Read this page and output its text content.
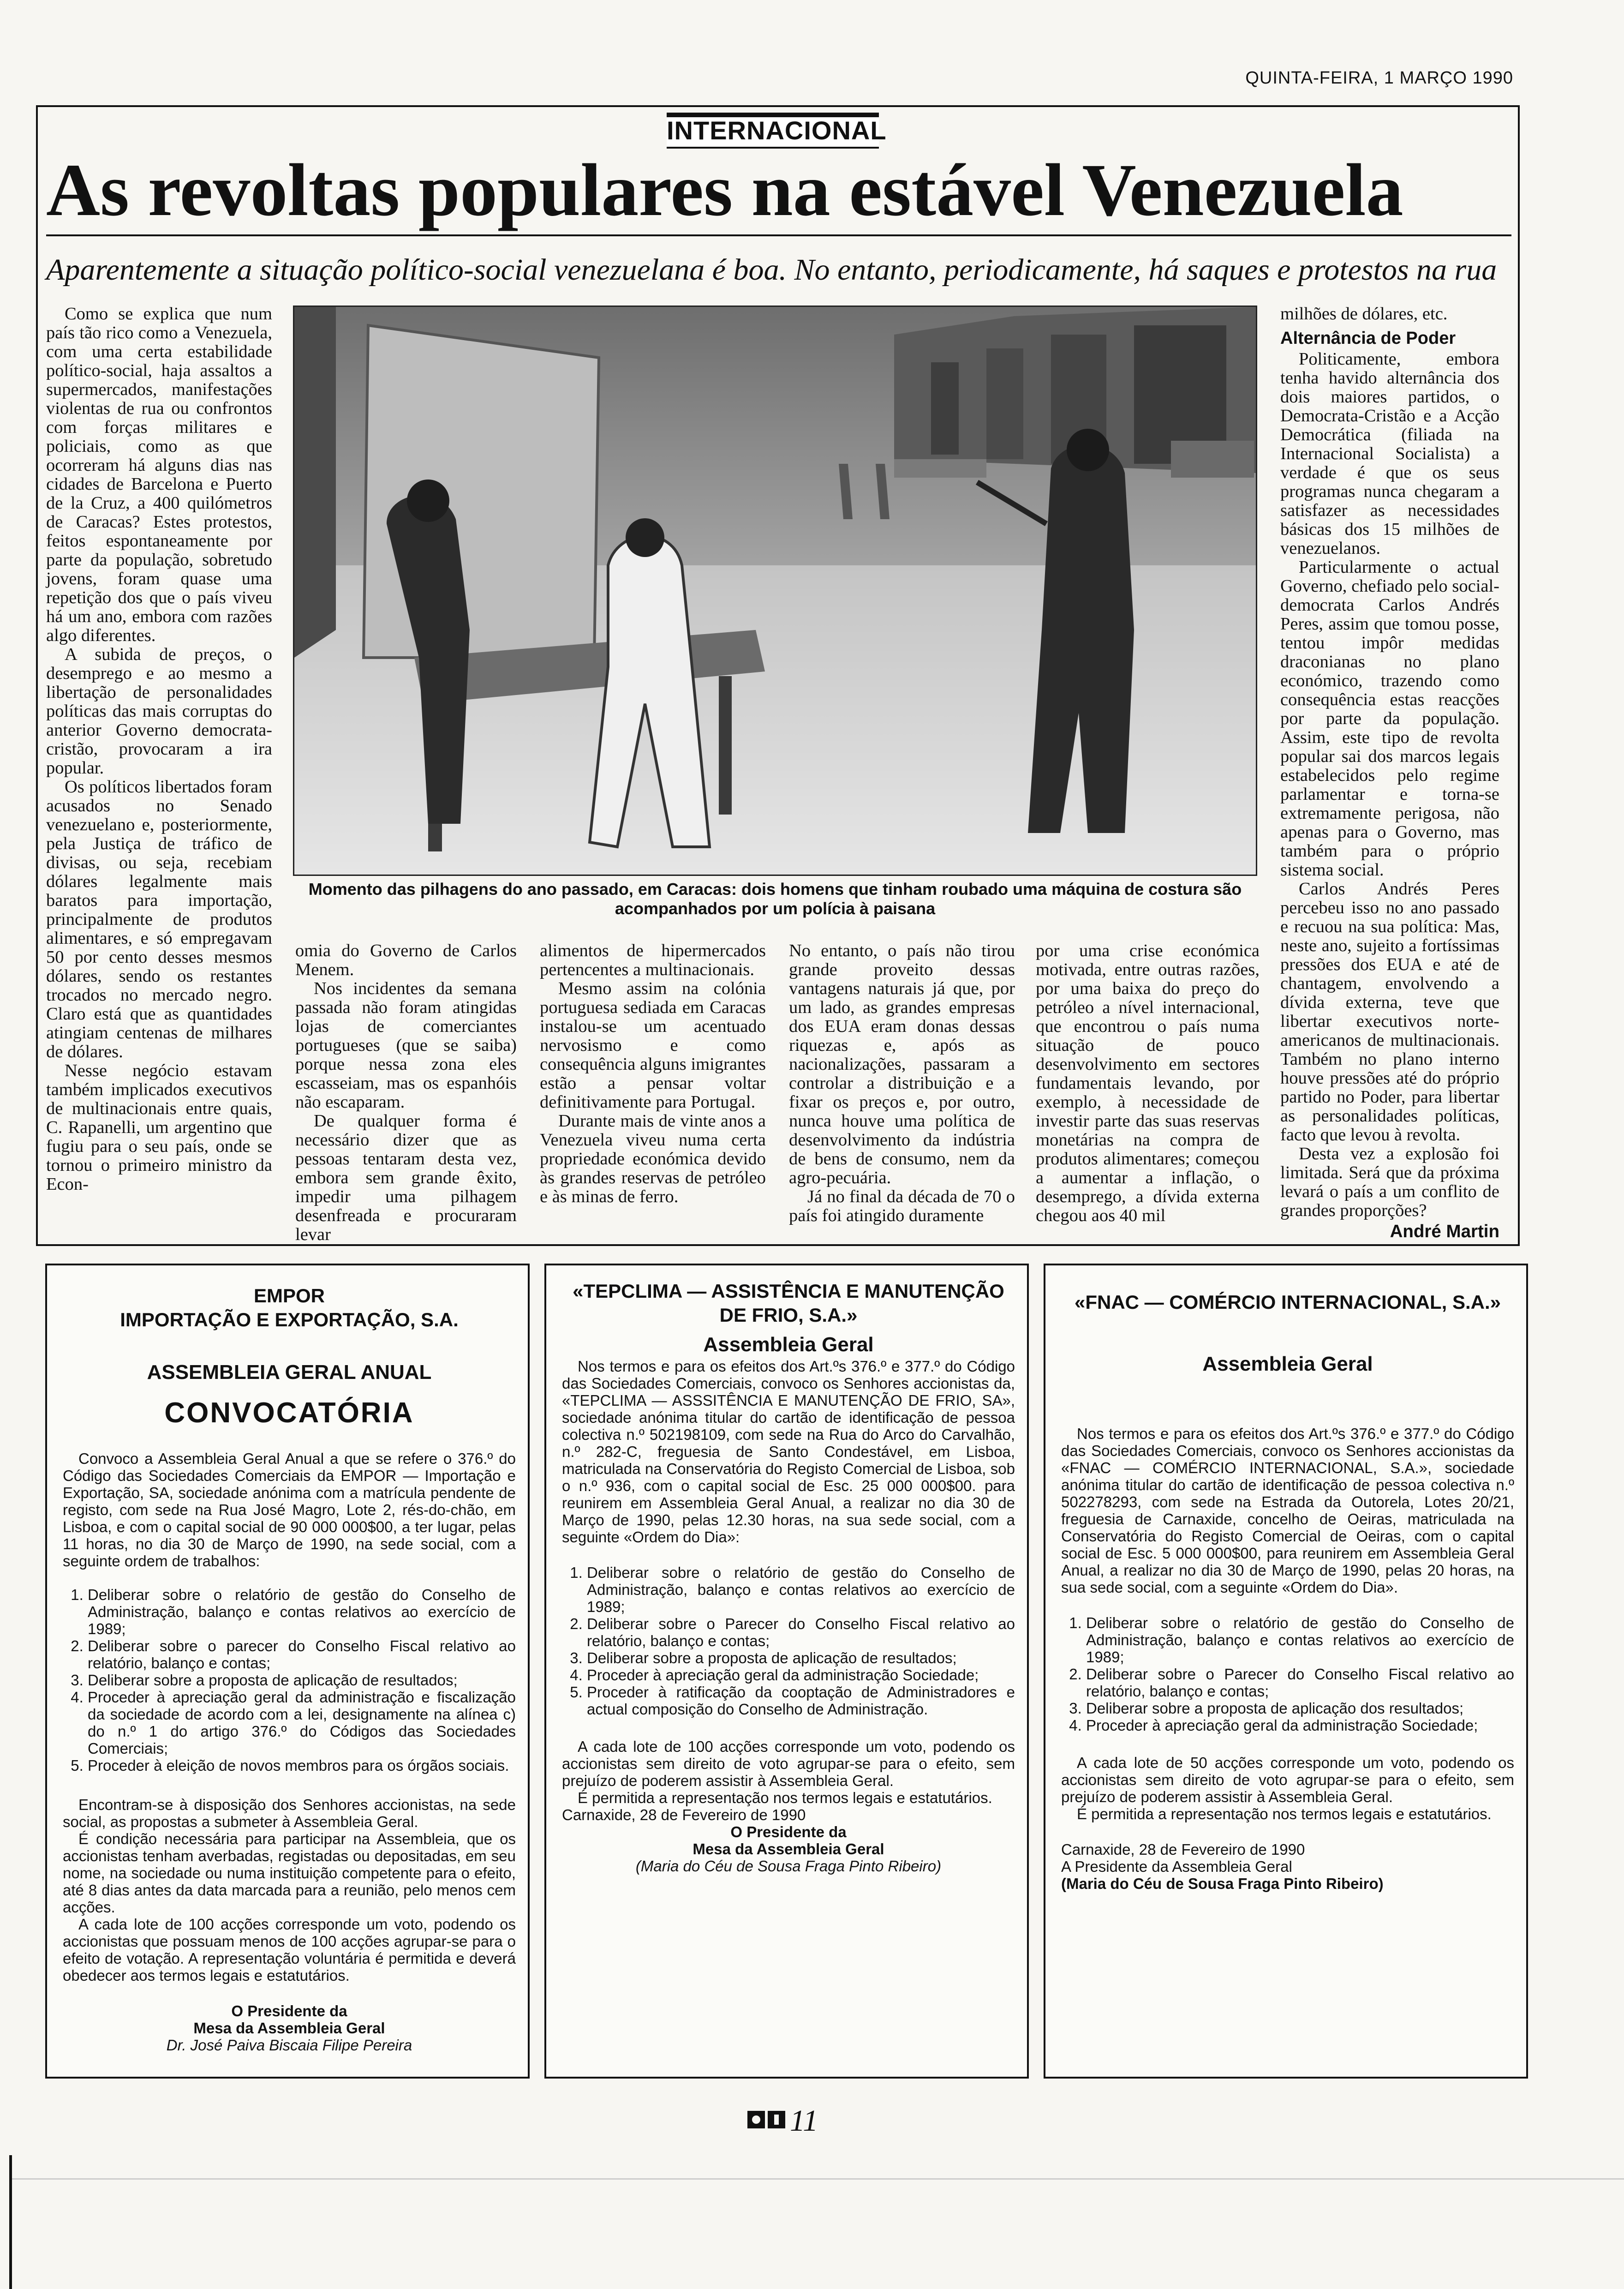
QUINTA-FEIRA, 1 MARÇO 1990
INTERNACIONAL
As revoltas populares na estável Venezuela
Aparentemente a situação político-social venezuelana é boa. No entanto, periodicamente, há saques e protestos na rua

Como se explica que num país tão rico como a Venezuela, com uma certa estabilidade político-social, haja assaltos a supermercados, manifestações violentas de rua ou confrontos com forças militares e policiais, como as que ocorreram há alguns dias nas cidades de Barcelona e Puerto de la Cruz, a 400 quilómetros de Caracas? Estes protestos, feitos espontaneamente por parte da população, sobretudo jovens, foram quase uma repetição dos que o país viveu há um ano, embora com razões algo diferentes.

A subida de preços, o desemprego e ao mesmo a libertação de personalidades políticas das mais corruptas do anterior Governo democrata-cristão, provocaram a ira popular.

Os políticos libertados foram acusados no Senado venezuelano e, posteriormente, pela Justiça de tráfico de divisas, ou seja, recebiam dólares legalmente mais baratos para importação, principalmente de produtos alimentares, e só empregavam 50 por cento desses mesmos dólares, sendo os restantes trocados no mercado negro. Claro está que as quantidades atingiam centenas de milhares de dólares.

Nesse negócio estavam também implicados executivos de multinacionais entre quais, C. Rapanelli, um argentino que fugiu para o seu país, onde se tornou o primeiro ministro da Econ-

Momento das pilhagens do ano passado, em Caracas: dois homens que tinham roubado uma máquina de costura são acompanhados por um polícia à paisana

omia do Governo de Carlos Menem.

Nos incidentes da semana passada não foram atingidas lojas de comerciantes portugueses (que se saiba) porque nessa zona eles escasseiam, mas os espanhóis não escaparam.

De qualquer forma é necessário dizer que as pessoas tentaram desta vez, embora sem grande êxito, impedir uma pilhagem desenfreada e procuraram levar

alimentos de hipermercados pertencentes a multinacionais.

Mesmo assim na colónia portuguesa sediada em Caracas instalou-se um acentuado nervosismo e como consequência alguns imigrantes estão a pensar voltar definitivamente para Portugal.

Durante mais de vinte anos a Venezuela viveu numa certa propriedade económica devido às grandes reservas de petróleo e às minas de ferro.

No entanto, o país não tirou grande proveito dessas vantagens naturais já que, por um lado, as grandes empresas dos EUA eram donas dessas riquezas e, após as nacionalizações, passaram a controlar a distribuição e a fixar os preços e, por outro, nunca houve uma política de desenvolvimento da indústria de bens de consumo, nem da agro-pecuária.

Já no final da década de 70 o país foi atingido duramente

por uma crise económica motivada, entre outras razões, por uma baixa do preço do petróleo a nível internacional, que encontrou o país numa situação de pouco desenvolvimento em sectores fundamentais levando, por exemplo, à necessidade de investir parte das suas reservas monetárias na compra de produtos alimentares; começou a aumentar a inflação, o desemprego, a dívida externa chegou aos 40 mil

milhões de dólares, etc.

Alternância de Poder

Politicamente, embora tenha havido alternância dos dois maiores partidos, o Democrata-Cristão e a Acção Democrática (filiada na Internacional Socialista) a verdade é que os seus programas nunca chegaram a satisfazer as necessidades básicas dos 15 milhões de venezuelanos.

Particularmente o actual Governo, chefiado pelo social-democrata Carlos Andrés Peres, assim que tomou posse, tentou impôr medidas draconianas no plano económico, trazendo como consequência estas reacções por parte da população. Assim, este tipo de revolta popular sai dos marcos legais estabelecidos pelo regime parlamentar e torna-se extremamente perigosa, não apenas para o Governo, mas também para o próprio sistema social.

Carlos Andrés Peres percebeu isso no ano passado e recuou na sua política: Mas, neste ano, sujeito a fortíssimas pressões dos EUA e até de chantagem, envolvendo a dívida externa, teve que libertar executivos norte-americanos de multinacionais. Também no plano interno houve pressões até do próprio partido no Poder, para libertar as personalidades políticas, facto que levou à revolta.

Desta vez a explosão foi limitada. Será que da próxima levará o país a um conflito de grandes proporções?

André Martin

EMPOR
IMPORTAÇÃO E EXPORTAÇÃO, S.A.
ASSEMBLEIA GERAL ANUAL
CONVOCATÓRIA

Convoco a Assembleia Geral Anual a que se refere o 376.º do Código das Sociedades Comerciais da EMPOR — Importação e Exportação, SA, sociedade anónima com a matrícula pendente de registo, com sede na Rua José Magro, Lote 2, rés-do-chão, em Lisboa, e com o capital social de 90 000 000$00, a ter lugar, pelas 11 horas, no dia 30 de Março de 1990, na sede social, com a seguinte ordem de trabalhos:

1. Deliberar sobre o relatório de gestão do Conselho de Administração, balanço e contas relativos ao exercício de 1989;
2. Deliberar sobre o parecer do Conselho Fiscal relativo ao relatório, balanço e contas;
3. Deliberar sobre a proposta de aplicação de resultados;
4. Proceder à apreciação geral da administração e fiscalização da sociedade de acordo com a lei, designamente na alínea c) do n.º 1 do artigo 376.º do Códigos das Sociedades Comerciais;
5. Proceder à eleição de novos membros para os órgãos sociais.

Encontram-se à disposição dos Senhores accionistas, na sede social, as propostas a submeter à Assembleia Geral.

É condição necessária para participar na Assembleia, que os accionistas tenham averbadas, registadas ou depositadas, em seu nome, na sociedade ou numa instituição competente para o efeito, até 8 dias antes da data marcada para a reunião, pelo menos cem acções.

A cada lote de 100 acções corresponde um voto, podendo os accionistas que possuam menos de 100 acções agrupar-se para o efeito de votação. A representação voluntária é permitida e deverá obedecer aos termos legais e estatutários.

O Presidente da
Mesa da Assembleia Geral
Dr. José Paiva Biscaia Filipe Pereira
«TEPCLIMA — ASSISTÊNCIA E MANUTENÇÃO DE FRIO, S.A.»
Assembleia Geral

Nos termos e para os efeitos dos Art.ºs 376.º e 377.º do Código das Sociedades Comerciais, convoco os Senhores accionistas da, «TEPCLIMA — ASSSITÊNCIA E MANUTENÇÃO DE FRIO, SA», sociedade anónima titular do cartão de identificação de pessoa colectiva n.º 502198109, com sede na Rua do Arco do Carvalhão, n.º 282-C, freguesia de Santo Condestável, em Lisboa, matriculada na Conservatória do Registo Comercial de Lisboa, sob o n.º 936, com o capital social de Esc. 25 000 000$00. para reunirem em Assembleia Geral Anual, a realizar no dia 30 de Março de 1990, pelas 12.30 horas, na sua sede social, com a seguinte «Ordem do Dia»:

1. Deliberar sobre o relatório de gestão do Conselho de Administração, balanço e contas relativos ao exercício de 1989;
2. Deliberar sobre o Parecer do Conselho Fiscal relativo ao relatório, balanço e contas;
3. Deliberar sobre a proposta de aplicação de resultados;
4. Proceder à apreciação geral da administração Sociedade;
5. Proceder à ratificação da cooptação de Administradores e actual composição do Conselho de Administração.

A cada lote de 100 acções corresponde um voto, podendo os accionistas sem direito de voto agrupar-se para o efeito, sem prejuízo de poderem assistir à Assembleia Geral.

É permitida a representação nos termos legais e estatutários.

Carnaxide, 28 de Fevereiro de 1990
O Presidente da
Mesa da Assembleia Geral
(Maria do Céu de Sousa Fraga Pinto Ribeiro)
«FNAC — COMÉRCIO INTERNACIONAL, S.A.»
Assembleia Geral

Nos termos e para os efeitos dos Art.ºs 376.º e 377.º do Código das Sociedades Comerciais, convoco os Senhores accionistas da «FNAC — COMÉRCIO INTERNACIONAL, S.A.», sociedade anónima titular do cartão de identificação de pessoa colectiva n.º 502278293, com sede na Estrada da Outorela, Lotes 20/21, freguesia de Carnaxide, concelho de Oeiras, matriculada na Conservatória do Registo Comercial de Oeiras, com o capital social de Esc. 5 000 000$00, para reunirem em Assembleia Geral Anual, a realizar no dia 30 de Março de 1990, pelas 20 horas, na sua sede social, com a seguinte «Ordem do Dia».

1. Deliberar sobre o relatório de gestão do Conselho de Administração, balanço e contas relativos ao exercício de 1989;
2. Deliberar sobre o Parecer do Conselho Fiscal relativo ao relatório, balanço e contas;
3. Deliberar sobre a proposta de aplicação dos resultados;
4. Proceder à apreciação geral da administração Sociedade;

A cada lote de 50 acções corresponde um voto, podendo os accionistas sem direito de voto agrupar-se para o efeito, sem prejuízo de poderem assistir à Assembleia Geral.

É permitida a representação nos termos legais e estatutários.

Carnaxide, 28 de Fevereiro de 1990
A Presidente da Assembleia Geral
(Maria do Céu de Sousa Fraga Pinto Ribeiro)
11
